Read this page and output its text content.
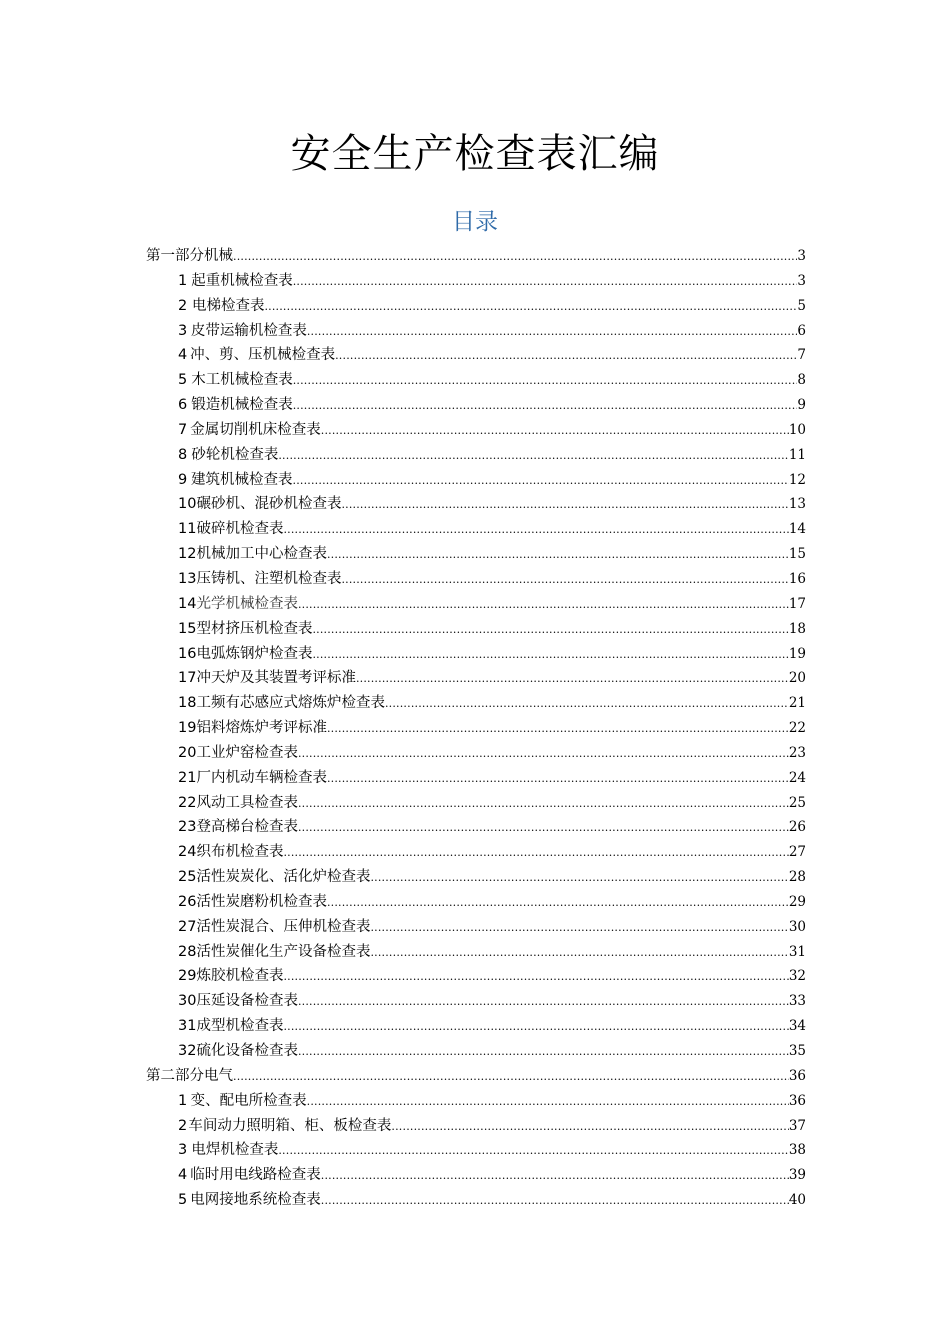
安全生产检查表汇编
目录
第一部分 机械 .....	3
1 起重机械检查表 .....	3
2 电梯检查表 .....	5
3 皮带运输机检查表 .....	6
4 冲、剪、压机械检查表 .....	7
5 木工机械检查表 .....	8
6 锻造机械检查表 .....	9
7 金属切削机床检查表 .....	10
8 砂轮机检查表 .....	11
9 建筑机械检查表 .....	12
10 碾砂机、混砂机检查表 .....	13
11 破碎机检查表 .....	14
12 机械加工中心检查表 .....	15
13 压铸机、注塑机检查表 .....	16
14 光学机械检查表 .....	17
15 型材挤压机检查表 .....	18
16 电弧炼钢炉检查表 .....	19
17 冲天炉及其装置考评标准 .....	20
18 工频有芯感应式熔炼炉检查表 .....	21
19 铝料熔炼炉考评标准 .....	22
20 工业炉窑检查表 .....	23
21 厂内机动车辆检查表 .....	24
22 风动工具检查表 .....	25
23 登高梯台检查表 .....	26
24 织布机检查表 .....	27
25 活性炭炭化、活化炉检查表 .....	28
26 活性炭磨粉机检查表 .....	29
27 活性炭混合、压伸机检查表 .....	30
28 活性炭催化生产设备检查表 .....	31
29 炼胶机检查表 .....	32
30 压延设备检查表 .....	33
31 成型机检查表 .....	34
32 硫化设备检查表 .....	35
第二部分 电气 .....	36
1 变、配电所检查表 .....	36
2 车间动力照明箱、柜、板检查表 .....	37
3 电焊机检查表 .....	38
4 临时用电线路检查表 .....	39
5 电网接地系统检查表 .....	40
